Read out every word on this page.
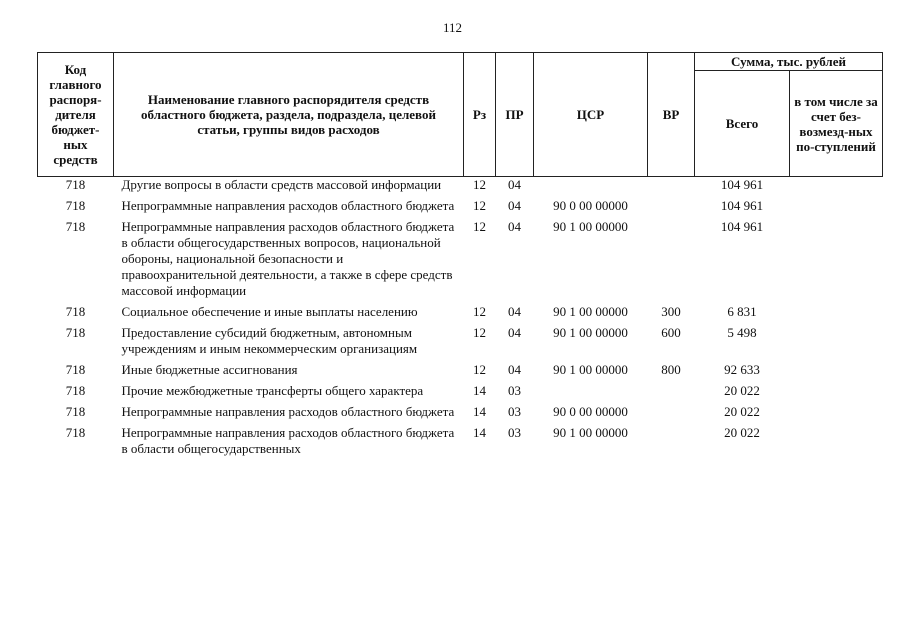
112
Код главного распоря-дителя бюджет-ных средств	Наименование главного распорядителя средств областного бюджета, раздела, подраздела, целевой статьи, группы видов расходов	Рз	ПР	ЦСР	ВР	Сумма, тыс. рублей	
						Всего	в том числе за счет без-возмезд-ных по-ступлений
718	Другие вопросы в области средств массовой информации	12	04			104 961	
718	Непрограммные направления расходов областного бюджета	12	04	90 0 00 00000		104 961	
718	Непрограммные направления расходов областного бюджета в области общегосударственных вопросов, национальной обороны, национальной безопасности и правоохранительной деятельности, а также в сфере средств массовой информации	12	04	90 1 00 00000		104 961	
718	Социальное обеспечение и иные выплаты населению	12	04	90 1 00 00000	300	6 831	
718	Предоставление субсидий бюджетным, автономным учреждениям и иным некоммерческим организациям	12	04	90 1 00 00000	600	5 498	
718	Иные бюджетные ассигнования	12	04	90 1 00 00000	800	92 633	
718	Прочие межбюджетные трансферты общего характера	14	03			20 022	
718	Непрограммные направления расходов областного бюджета	14	03	90 0 00 00000		20 022	
718	Непрограммные направления расходов областного бюджета в области общегосударственных	14	03	90 1 00 00000		20 022	
